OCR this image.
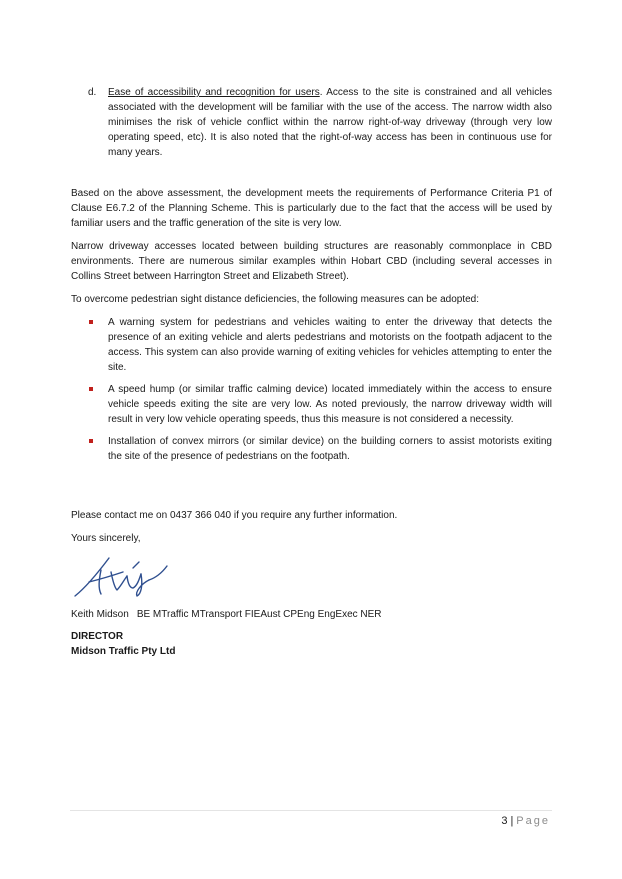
d.	Ease of accessibility and recognition for users. Access to the site is constrained and all vehicles associated with the development will be familiar with the use of the access. The narrow width also minimises the risk of vehicle conflict within the narrow right-of-way driveway (through very low operating speed, etc). It is also noted that the right-of-way access has been in continuous use for many years.

Based on the above assessment, the development meets the requirements of Performance Criteria P1 of Clause E6.7.2 of the Planning Scheme. This is particularly due to the fact that the access will be used by familiar users and the traffic generation of the site is very low.

Narrow driveway accesses located between building structures are reasonably commonplace in CBD environments. There are numerous similar examples within Hobart CBD (including several accesses in Collins Street between Harrington Street and Elizabeth Street).

To overcome pedestrian sight distance deficiencies, the following measures can be adopted:

A warning system for pedestrians and vehicles waiting to enter the driveway that detects the presence of an exiting vehicle and alerts pedestrians and motorists on the footpath adjacent to the access. This system can also provide warning of exiting vehicles for vehicles attempting to enter the site.
A speed hump (or similar traffic calming device) located immediately within the access to ensure vehicle speeds exiting the site are very low. As noted previously, the narrow driveway width will result in very low vehicle operating speeds, thus this measure is not considered a necessity.
Installation of convex mirrors (or similar device) on the building corners to assist motorists exiting the site of the presence of pedestrians on the footpath.

Please contact me on 0437 366 040 if you require any further information.

Yours sincerely,

Keith Midson BE MTraffic MTransport FIEAust CPEng EngExec NER

DIRECTOR

Midson Traffic Pty Ltd

3 | Page
